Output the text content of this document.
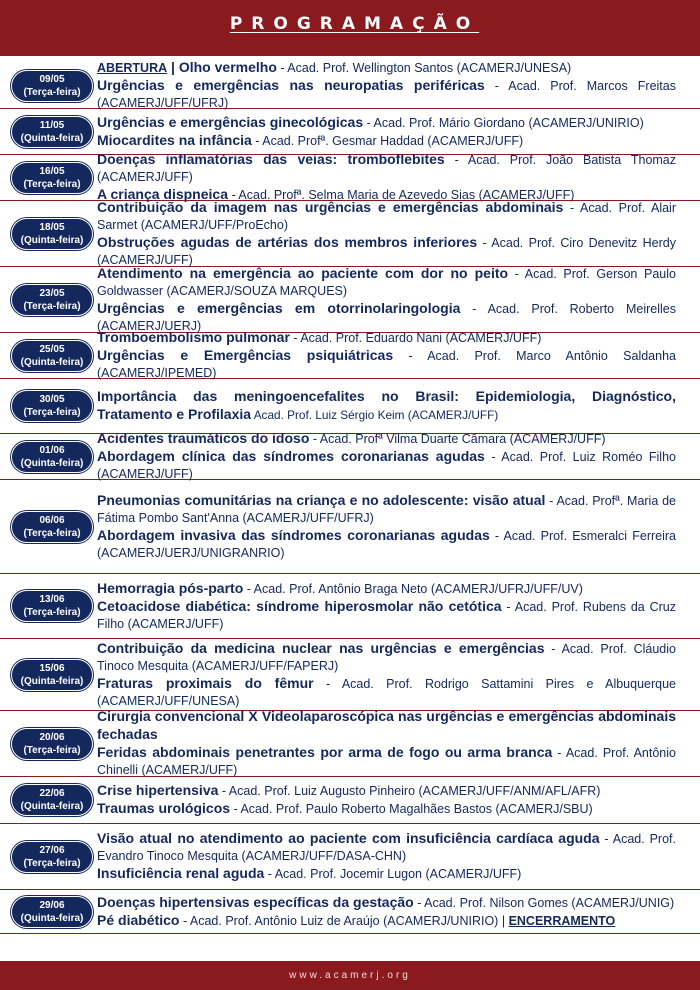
PROGRAMAÇÃO
09/05
(Terça-feira)
ABERTURA | Olho vermelho - Acad. Prof. Wellington Santos (ACAMERJ/UNESA)
Urgências e emergências nas neuropatias periféricas - Acad. Prof. Marcos Freitas (ACAMERJ/UFF/UFRJ)
11/05
(Quinta-feira)
Urgências e emergências ginecológicas - Acad. Prof. Mário Giordano (ACAMERJ/UNIRIO)
Miocardites na infância - Acad. Profª. Gesmar Haddad (ACAMERJ/UFF)
16/05
(Terça-feira)
Doenças inflamatórias das veias: tromboflebites - Acad. Prof. João Batista Thomaz (ACAMERJ/UFF)
A criança dispneica - Acad. Profª. Selma Maria de Azevedo Sias (ACAMERJ/UFF)
18/05
(Quinta-feira)
Contribuição da imagem nas urgências e emergências abdominais - Acad. Prof. Alair Sarmet (ACAMERJ/UFF/ProEcho)
Obstruções agudas de artérias dos membros inferiores - Acad. Prof. Ciro Denevitz Herdy (ACAMERJ/UFF)
23/05
(Terça-feira)
Atendimento na emergência ao paciente com dor no peito - Acad. Prof. Gerson Paulo Goldwasser (ACAMERJ/SOUZA MARQUES)
Urgências e emergências em otorrinolaringologia - Acad. Prof. Roberto Meirelles (ACAMERJ/UERJ)
25/05
(Quinta-feira)
Tromboembolismo pulmonar - Acad. Prof. Eduardo Nani (ACAMERJ/UFF)
Urgências e Emergências psiquiátricas - Acad. Prof. Marco Antônio Saldanha (ACAMERJ/IPEMED)
30/05
(Terça-feira)
Importância das meningoencefalites no Brasil: Epidemiologia, Diagnóstico, Tratamento e Profilaxia Acad. Prof. Luiz Sérgio Keim (ACAMERJ/UFF)
01/06
(Quinta-feira)
Acidentes traumáticos do idoso - Acad. Profª Vilma Duarte Câmara (ACAMERJ/UFF)
Abordagem clínica das síndromes coronarianas agudas - Acad. Prof. Luiz Roméo Filho (ACAMERJ/UFF)
06/06
(Terça-feira)
Pneumonias comunitárias na criança e no adolescente: visão atual - Acad. Profª. Maria de Fátima Pombo Sant'Anna (ACAMERJ/UFF/UFRJ)
Abordagem invasiva das síndromes coronarianas agudas - Acad. Prof. Esmeralci Ferreira (ACAMERJ/UERJ/UNIGRANRIO)
13/06
(Terça-feira)
Hemorragia pós-parto - Acad. Prof. Antônio Braga Neto (ACAMERJ/UFRJ/UFF/UV)
Cetoacidose diabética: síndrome hiperosmolar não cetótica - Acad. Prof. Rubens da Cruz Filho (ACAMERJ/UFF)
15/06
(Quinta-feira)
Contribuição da medicina nuclear nas urgências e emergências - Acad. Prof. Cláudio Tinoco Mesquita (ACAMERJ/UFF/FAPERJ)
Fraturas proximais do fêmur - Acad. Prof. Rodrigo Sattamini Pires e Albuquerque (ACAMERJ/UFF/UNESA)
20/06
(Terça-feira)
Cirurgia convencional X Videolaparoscópica nas urgências e emergências abdominais fechadas
Feridas abdominais penetrantes por arma de fogo ou arma branca - Acad. Prof. Antônio Chinelli (ACAMERJ/UFF)
22/06
(Quinta-feira)
Crise hipertensiva - Acad. Prof. Luiz Augusto Pinheiro (ACAMERJ/UFF/ANM/AFL/AFR)
Traumas urológicos - Acad. Prof. Paulo Roberto Magalhães Bastos (ACAMERJ/SBU)
27/06
(Terça-feira)
Visão atual no atendimento ao paciente com insuficiência cardíaca aguda - Acad. Prof. Evandro Tinoco Mesquita (ACAMERJ/UFF/DASA-CHN)
Insuficiência renal aguda - Acad. Prof. Jocemir Lugon (ACAMERJ/UFF)
29/06
(Quinta-feira)
Doenças hipertensivas específicas da gestação - Acad. Prof. Nilson Gomes (ACAMERJ/UNIG)
Pé diabético - Acad. Prof. Antônio Luiz de Araújo (ACAMERJ/UNIRIO) | ENCERRAMENTO
www.acamerj.org
